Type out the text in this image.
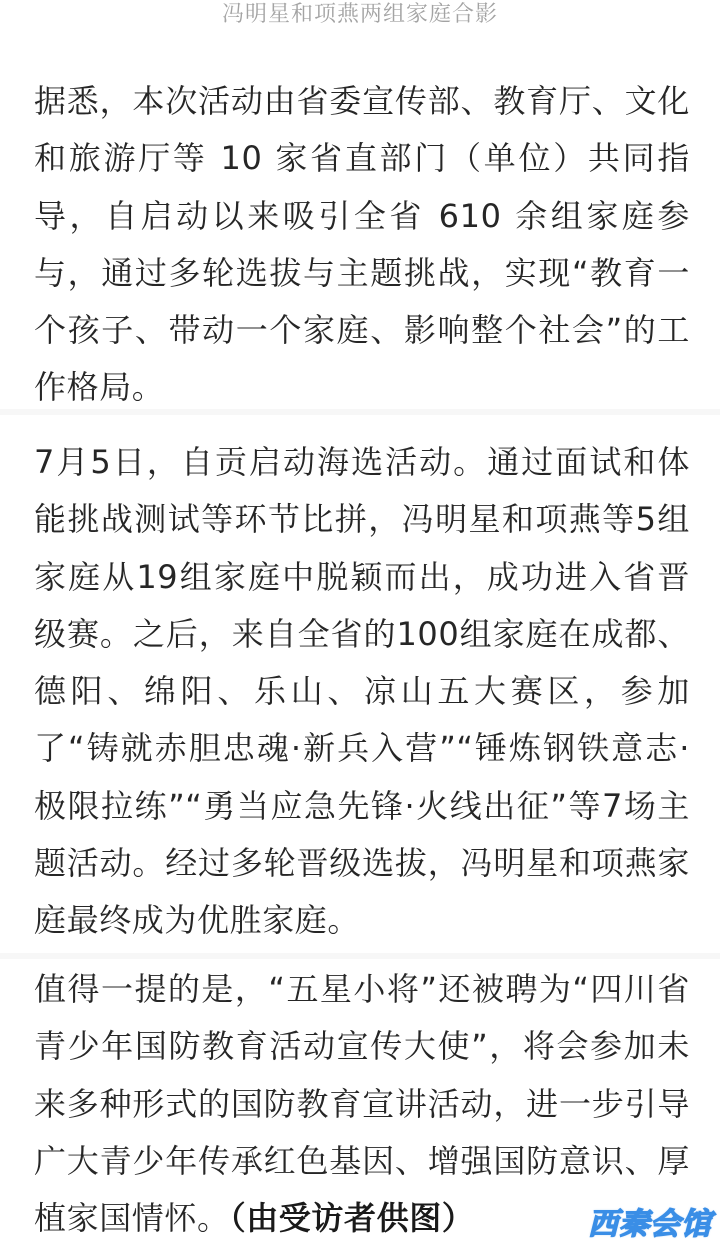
冯明星和项燕两组家庭合影

据悉，本次活动由省委宣传部、教育厅、文化和旅游厅等 10 家省直部门（单位）共同指导，自启动以来吸引全省 610 余组家庭参与，通过多轮选拔与主题挑战，实现“教育一个孩子、带动一个家庭、影响整个社会”的工作格局。

7月5日，自贡启动海选活动。通过面试和体能挑战测试等环节比拼，冯明星和项燕等5组家庭从19组家庭中脱颖而出，成功进入省晋级赛。之后，来自全省的100组家庭在成都、德阳、绵阳、乐山、凉山五大赛区，参加了“铸就赤胆忠魂·新兵入营”“锤炼钢铁意志·极限拉练”“勇当应急先锋·火线出征”等7场主题活动。经过多轮晋级选拔，冯明星和项燕家庭最终成为优胜家庭。

值得一提的是，“五星小将”还被聘为“四川省青少年国防教育活动宣传大使”，将会参加未来多种形式的国防教育宣讲活动，进一步引导广大青少年传承红色基因、增强国防意识、厚植家国情怀。（由受访者供图）	西秦会馆
